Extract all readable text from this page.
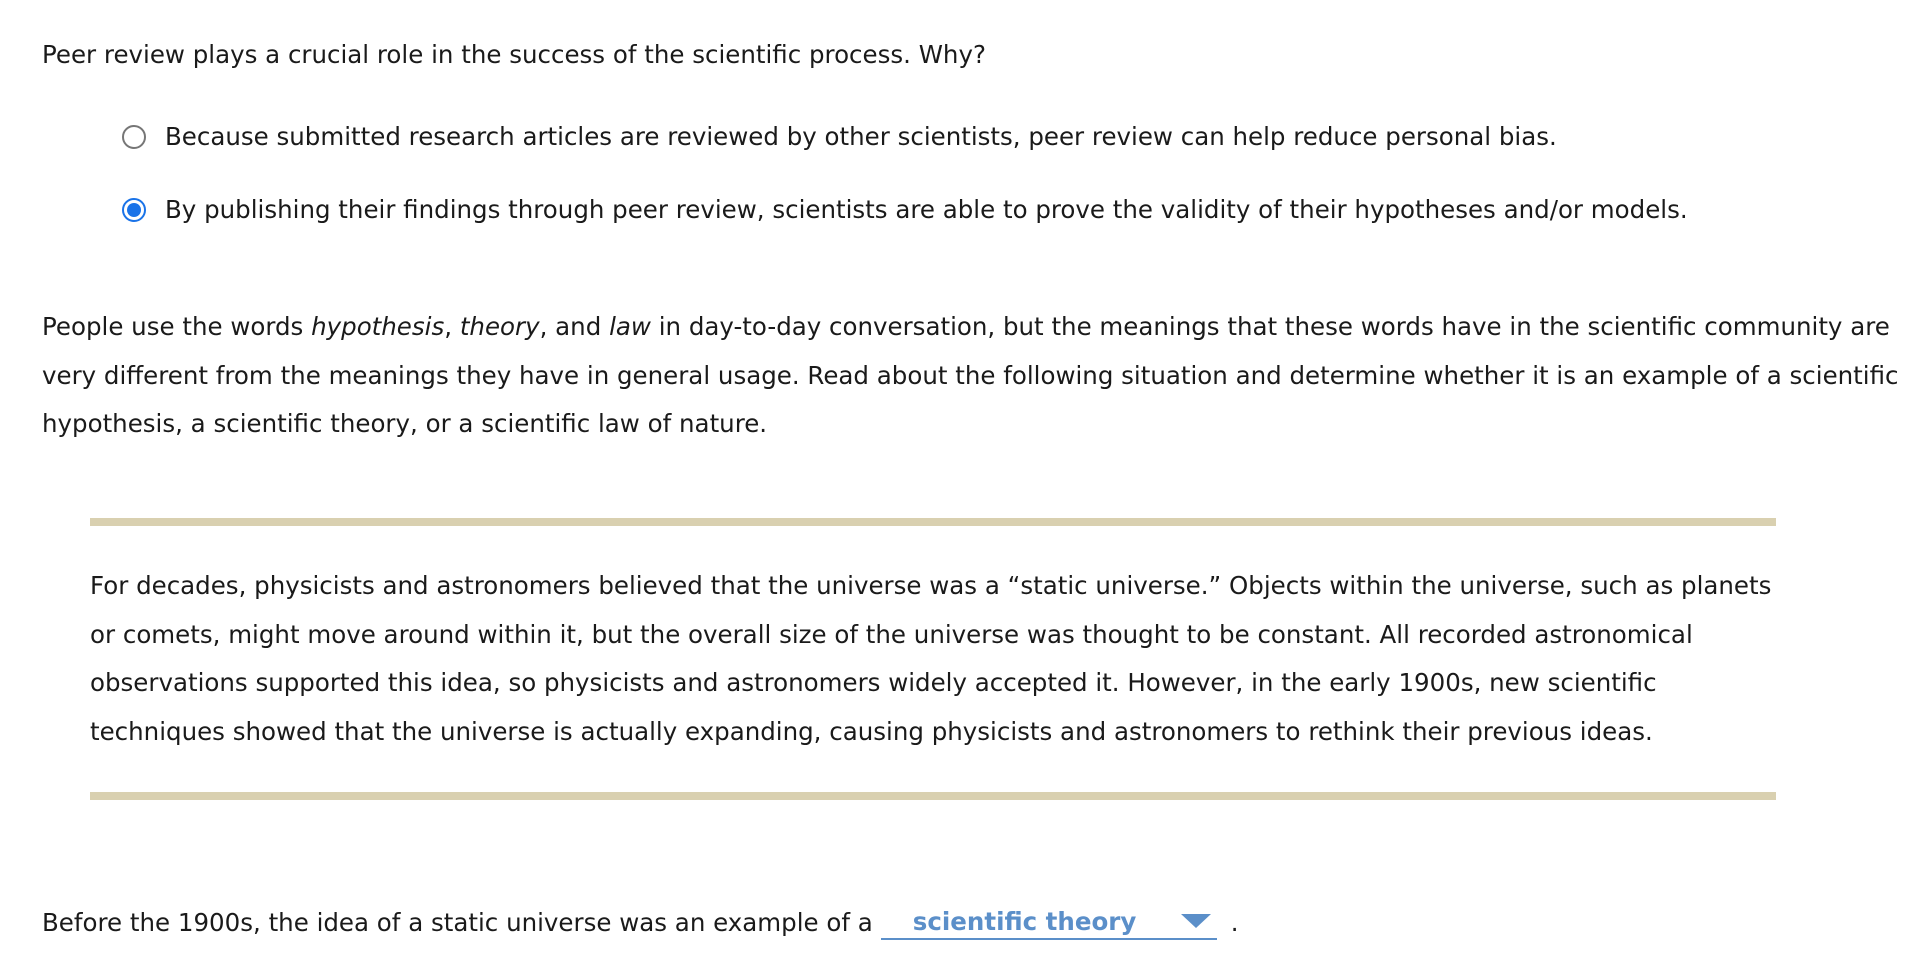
Peer review plays a crucial role in the success of the scientific process. Why?
Because submitted research articles are reviewed by other scientists, peer review can help reduce personal bias.
By publishing their findings through peer review, scientists are able to prove the validity of their hypotheses and/or models.

People use the words hypothesis, theory, and law in day-to-day conversation, but the meanings that these words have in the scientific community are very different from the meanings they have in general usage. Read about the following situation and determine whether it is an example of a scientific hypothesis, a scientific theory, or a scientific law of nature.

For decades, physicists and astronomers believed that the universe was a “static universe.” Objects within the universe, such as planets or comets, might move around within it, but the overall size of the universe was thought to be constant. All recorded astronomical observations supported this idea, so physicists and astronomers widely accepted it. However, in the early 1900s, new scientific techniques showed that the universe is actually expanding, causing physicists and astronomers to rethink their previous ideas.
Before the 1900s, the idea of a static universe was an example of a scientific theory	.
